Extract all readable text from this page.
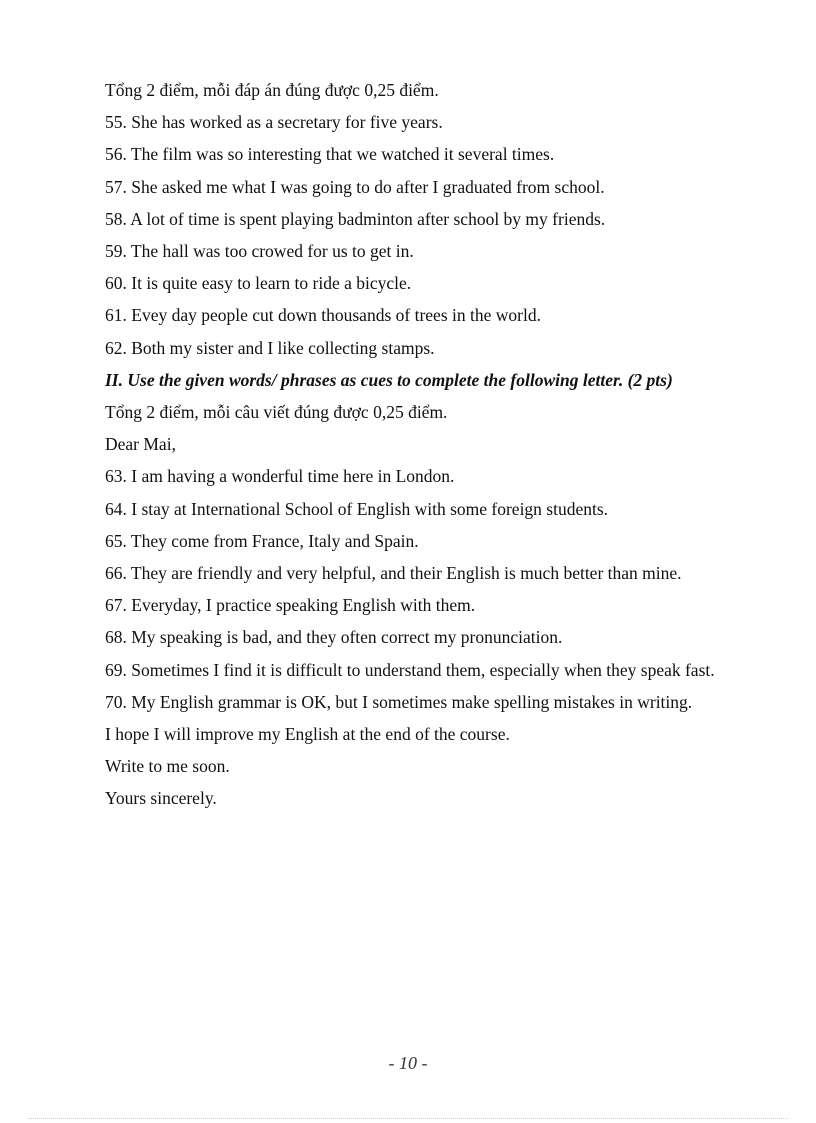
Tổng 2 điểm, mỗi đáp án đúng được 0,25 điểm.
55. She has worked as a secretary for five years.
56. The film was so interesting that we watched it several times.
57. She asked me what I was going to do after I graduated from school.
58. A lot of time is spent playing badminton after school by my friends.
59. The hall was too crowed for us to get in.
60. It is quite easy to learn to ride a bicycle.
61. Evey day people cut down thousands of trees in the world.
62. Both my sister and I like collecting stamps.
II. Use the given words/ phrases as cues to complete the following letter. (2 pts)
Tổng 2 điểm, mỗi câu viết đúng được 0,25 điểm.
Dear Mai,
63. I am having a wonderful time here in London.
64. I stay at International School of English with some foreign students.
65. They come from France, Italy and Spain.
66. They are friendly and very helpful, and their English is much better than mine.
67. Everyday, I practice speaking English with them.
68. My speaking is bad, and they often correct my pronunciation.
69. Sometimes I find it is difficult to understand them, especially when they speak fast.
70. My English grammar is OK, but I sometimes make spelling mistakes in writing.
I hope I will improve my English at the end of the course.
Write to me soon.
Yours sincerely.
- 10 -
